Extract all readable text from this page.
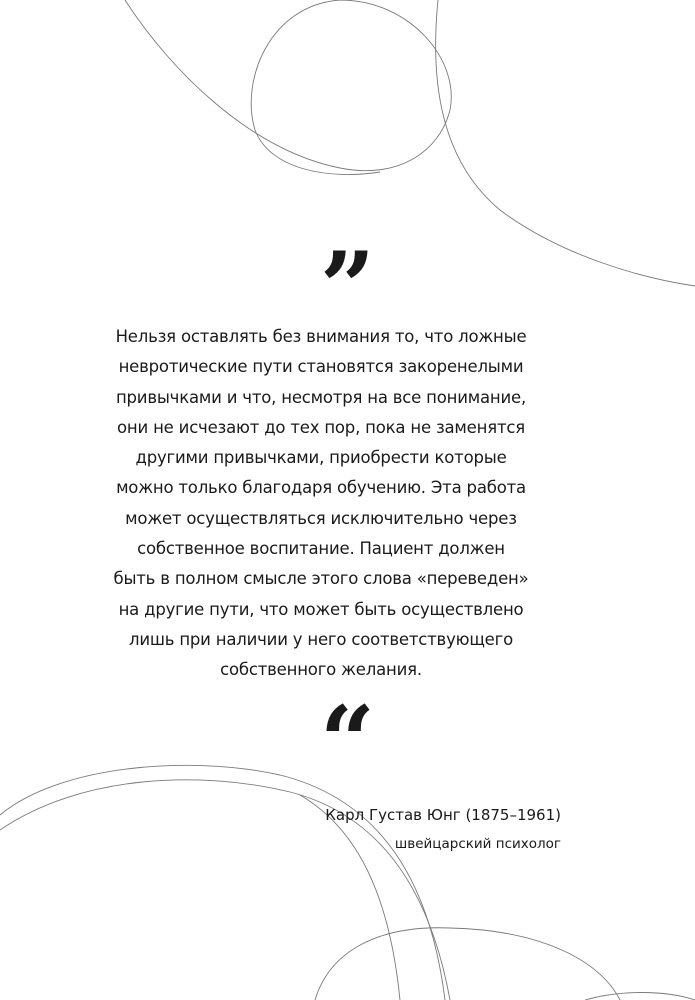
”
Нельзя оставлять без внимания то, что ложные
невротические пути становятся закоренелыми
привычками и что, несмотря на все понимание,
они не исчезают до тех пор, пока не заменятся
другими привычками, приобрести которые
можно только благодаря обучению. Эта работа
может осуществляться исключительно через
собственное воспитание. Пациент должен
быть в полном смысле этого слова «переведен»
на другие пути, что может быть осуществлено
лишь при наличии у него соответствующего
собственного желания.
“
Карл Густав Юнг (1875–1961)
швейцарский психолог
